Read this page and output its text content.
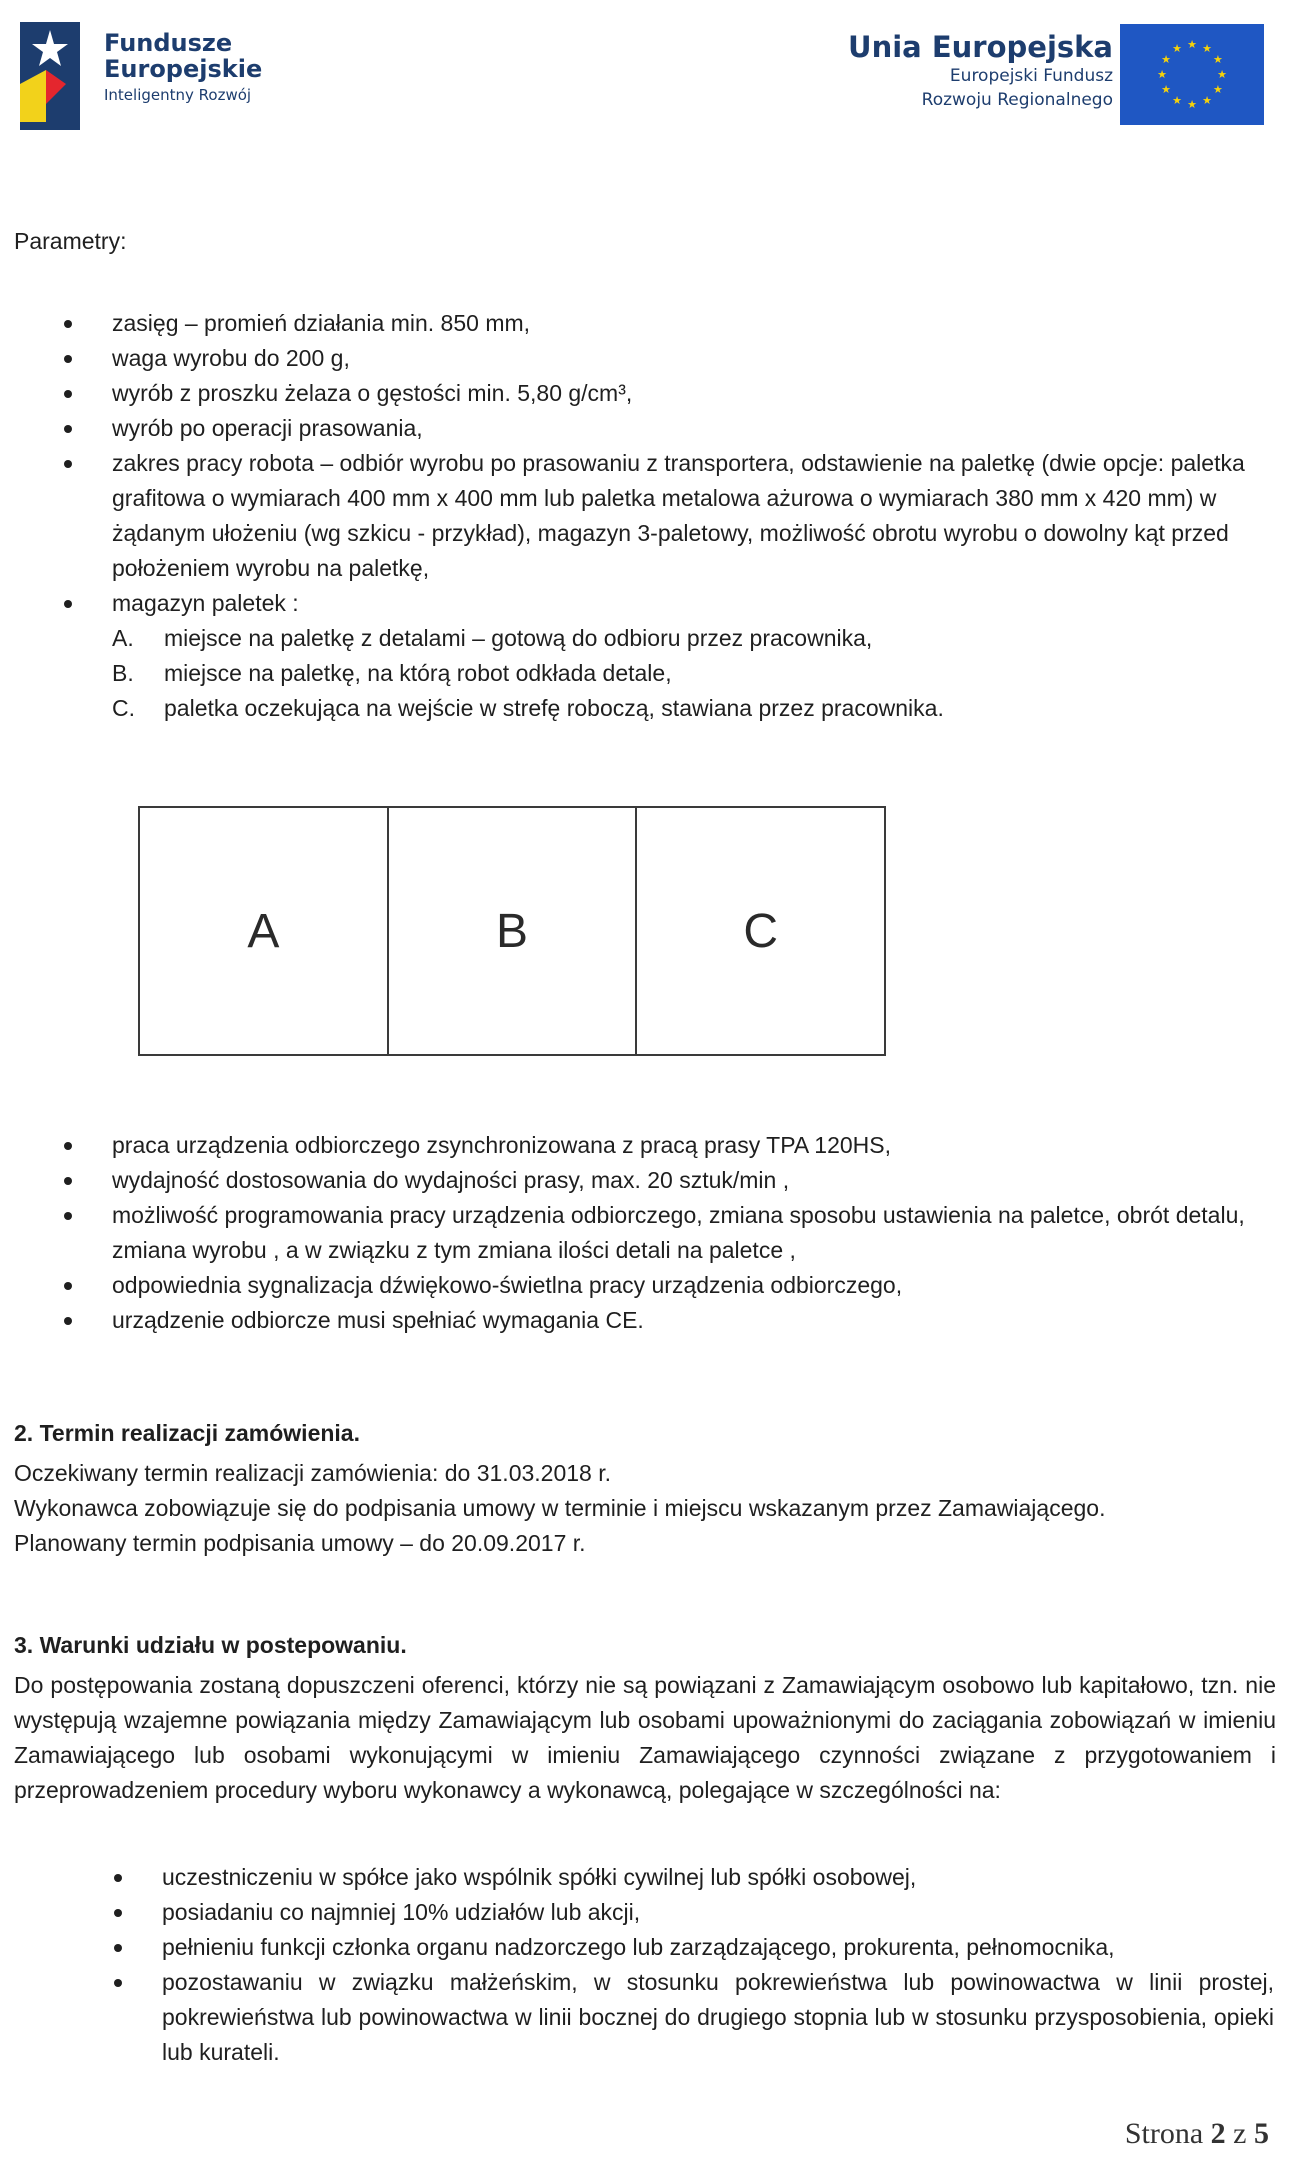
Fundusze
Europejskie
Inteligentny Rozwój
Unia Europejska
Europejski Fundusz
Rozwoju Regionalnego
★
★
★
★
★
★
★
★
★ ★ ★
★
Parametry:
zasięg – promień działania min. 850 mm,
waga wyrobu do 200 g,
wyrób z proszku żelaza o gęstości min. 5,80 g/cm³,
wyrób po operacji prasowania,
zakres pracy robota – odbiór wyrobu po prasowaniu z transportera, odstawienie na paletkę (dwie opcje: paletka grafitowa o wymiarach 400 mm x 400 mm lub paletka metalowa ażurowa o wymiarach 380 mm x 420 mm) w żądanym ułożeniu (wg szkicu - przykład), magazyn 3-paletowy, możliwość obrotu wyrobu o dowolny kąt przed położeniem wyrobu na paletkę,
magazyn paletek :
A.	miejsce na paletkę z detalami – gotową do odbioru przez pracownika,
B.	miejsce na paletkę, na którą robot odkłada detale,
C.	paletka oczekująca na wejście w strefę roboczą, stawiana przez pracownika.
A	B	C
praca urządzenia odbiorczego zsynchronizowana z pracą prasy TPA 120HS,
wydajność dostosowania do wydajności prasy, max. 20 sztuk/min ,
możliwość programowania pracy urządzenia odbiorczego, zmiana sposobu ustawienia na paletce, obrót detalu, zmiana wyrobu , a w związku z tym zmiana ilości detali na paletce ,
odpowiednia sygnalizacja dźwiękowo-świetlna pracy urządzenia odbiorczego,
urządzenie odbiorcze musi spełniać wymagania CE.
2. Termin realizacji zamówienia.
Oczekiwany termin realizacji zamówienia: do 31.03.2018 r.
Wykonawca zobowiązuje się do podpisania umowy w terminie i miejscu wskazanym przez Zamawiającego.
Planowany termin podpisania umowy – do 20.09.2017 r.
3. Warunki udziału w postepowaniu.
Do postępowania zostaną dopuszczeni oferenci, którzy nie są powiązani z Zamawiającym osobowo lub kapitałowo, tzn. nie występują wzajemne powiązania między Zamawiającym lub osobami upoważnionymi do zaciągania zobowiązań w imieniu Zamawiającego lub osobami wykonującymi w imieniu Zamawiającego czynności związane z przygotowaniem i przeprowadzeniem procedury wyboru wykonawcy a wykonawcą, polegające w szczególności na:
uczestniczeniu w spółce jako wspólnik spółki cywilnej lub spółki osobowej,
posiadaniu co najmniej 10% udziałów lub akcji,
pełnieniu funkcji członka organu nadzorczego lub zarządzającego, prokurenta, pełnomocnika,
pozostawaniu w związku małżeńskim, w stosunku pokrewieństwa lub powinowactwa w linii prostej, pokrewieństwa lub powinowactwa w linii bocznej do drugiego stopnia lub w stosunku przysposobienia, opieki lub kurateli.
Strona 2 z 5
